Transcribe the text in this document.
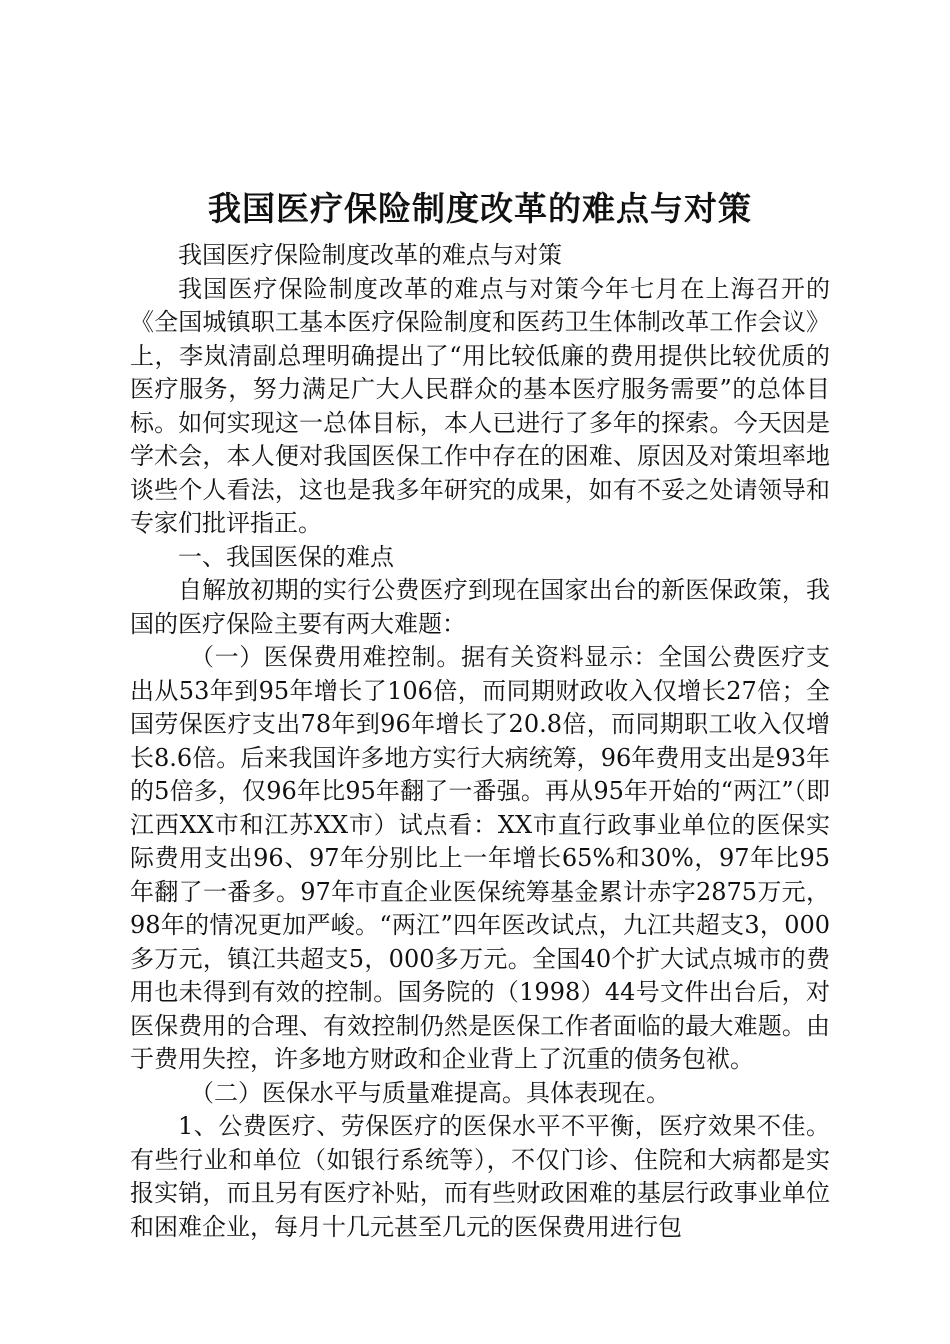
我国医疗保险制度改革的难点与对策

我国医疗保险制度改革的难点与对策

我国医疗保险制度改革的难点与对策今年七月在上海召开的《全国城镇职工基本医疗保险制度和医药卫生体制改革工作会议》上，李岚清副总理明确提出了“用比较低廉的费用提供比较优质的医疗服务，努力满足广大人民群众的基本医疗服务需要”的总体目标。如何实现这一总体目标，本人已进行了多年的探索。今天因是学术会，本人便对我国医保工作中存在的困难、原因及对策坦率地谈些个人看法，这也是我多年研究的成果，如有不妥之处请领导和专家们批评指正。

一、我国医保的难点

自解放初期的实行公费医疗到现在国家出台的新医保政策，我国的医疗保险主要有两大难题：

（一）医保费用难控制。据有关资料显示：全国公费医疗支出从53年到95年增长了106倍，而同期财政收入仅增长27倍；全国劳保医疗支出78年到96年增长了20.8倍，而同期职工收入仅增长8.6倍。后来我国许多地方实行大病统筹，96年费用支出是93年的5倍多，仅96年比95年翻了一番强。再从95年开始的“两江”（即江西XX市和江苏XX市）试点看：XX市直行政事业单位的医保实际费用支出96、97年分别比上一年增长65%和30%，97年比95年翻了一番多。97年市直企业医保统筹基金累计赤字2875万元，98年的情况更加严峻。“两江”四年医改试点，九江共超支3，000多万元，镇江共超支5，000多万元。全国40个扩大试点城市的费用也未得到有效的控制。国务院的（1998）44号文件出台后，对医保费用的合理、有效控制仍然是医保工作者面临的最大难题。由于费用失控，许多地方财政和企业背上了沉重的债务包袱。

（二）医保水平与质量难提高。具体表现在。

1、公费医疗、劳保医疗的医保水平不平衡，医疗效果不佳。有些行业和单位（如银行系统等），不仅门诊、住院和大病都是实报实销，而且另有医疗补贴，而有些财政困难的基层行政事业单位和困难企业，每月十几元甚至几元的医保费用进行包
